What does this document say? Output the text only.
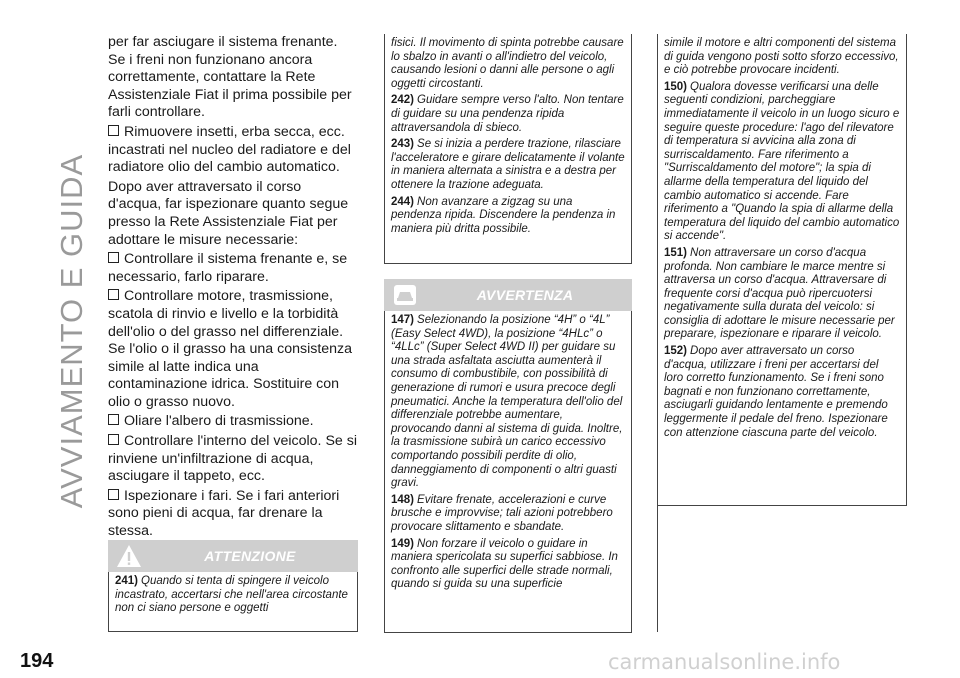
AVVIAMENTO E GUIDA

per far asciugare il sistema frenante. Se i freni non funzionano ancora correttamente, contattare la Rete Assistenziale Fiat il prima possibile per farli controllare.

Rimuovere insetti, erba secca, ecc. incastrati nel nucleo del radiatore e del radiatore olio del cambio automatico.

Dopo aver attraversato il corso d'acqua, far ispezionare quanto segue presso la Rete Assistenziale Fiat per adottare le misure necessarie:

Controllare il sistema frenante e, se necessario, farlo riparare.

Controllare motore, trasmissione, scatola di rinvio e livello e la torbidità dell'olio o del grasso nel differenziale. Se l'olio o il grasso ha una consistenza simile al latte indica una contaminazione idrica. Sostituire con olio o grasso nuovo.

Oliare l'albero di trasmissione.

Controllare l'interno del veicolo. Se si rinviene un'infiltrazione di acqua, asciugare il tappeto, ecc.

Ispezionare i fari. Se i fari anteriori sono pieni di acqua, far drenare la stessa.

ATTENZIONE

241) Quando si tenta di spingere il veicolo incastrato, accertarsi che nell'area circostante non ci siano persone e oggetti

fisici. Il movimento di spinta potrebbe causare lo sbalzo in avanti o all'indietro del veicolo, causando lesioni o danni alle persone o agli oggetti circostanti.

242) Guidare sempre verso l'alto. Non tentare di guidare su una pendenza ripida attraversandola di sbieco.

243) Se si inizia a perdere trazione, rilasciare l'acceleratore e girare delicatamente il volante in maniera alternata a sinistra e a destra per ottenere la trazione adeguata.

244) Non avanzare a zigzag su una pendenza ripida. Discendere la pendenza in maniera più dritta possibile.

AVVERTENZA

147) Selezionando la posizione “4H” o “4L” (Easy Select 4WD), la posizione “4HLc” o “4LLc” (Super Select 4WD II) per guidare su una strada asfaltata asciutta aumenterà il consumo di combustibile, con possibilità di generazione di rumori e usura precoce degli pneumatici. Anche la temperatura dell'olio del differenziale potrebbe aumentare, provocando danni al sistema di guida. Inoltre, la trasmissione subirà un carico eccessivo comportando possibili perdite di olio, danneggiamento di componenti o altri guasti gravi.

148) Evitare frenate, accelerazioni e curve brusche e improvvise; tali azioni potrebbero provocare slittamento e sbandate.

149) Non forzare il veicolo o guidare in maniera spericolata su superfici sabbiose. In confronto alle superfici delle strade normali, quando si guida su una superficie

simile il motore e altri componenti del sistema di guida vengono posti sotto sforzo eccessivo, e ciò potrebbe provocare incidenti.

150) Qualora dovesse verificarsi una delle seguenti condizioni, parcheggiare immediatamente il veicolo in un luogo sicuro e seguire queste procedure: l'ago del rilevatore di temperatura si avvicina alla zona di surriscaldamento. Fare riferimento a "Surriscaldamento del motore"; la spia di allarme della temperatura del liquido del cambio automatico si accende. Fare riferimento a "Quando la spia di allarme della temperatura del liquido del cambio automatico si accende".

151) Non attraversare un corso d'acqua profonda. Non cambiare le marce mentre si attraversa un corso d'acqua. Attraversare di frequente corsi d'acqua può ripercuotersi negativamente sulla durata del veicolo: si consiglia di adottare le misure necessarie per preparare, ispezionare e riparare il veicolo.

152) Dopo aver attraversato un corso d'acqua, utilizzare i freni per accertarsi del loro corretto funzionamento. Se i freni sono bagnati e non funzionano correttamente, asciugarli guidando lentamente e premendo leggermente il pedale del freno. Ispezionare con attenzione ciascuna parte del veicolo.

194	carmanualsonline.info
